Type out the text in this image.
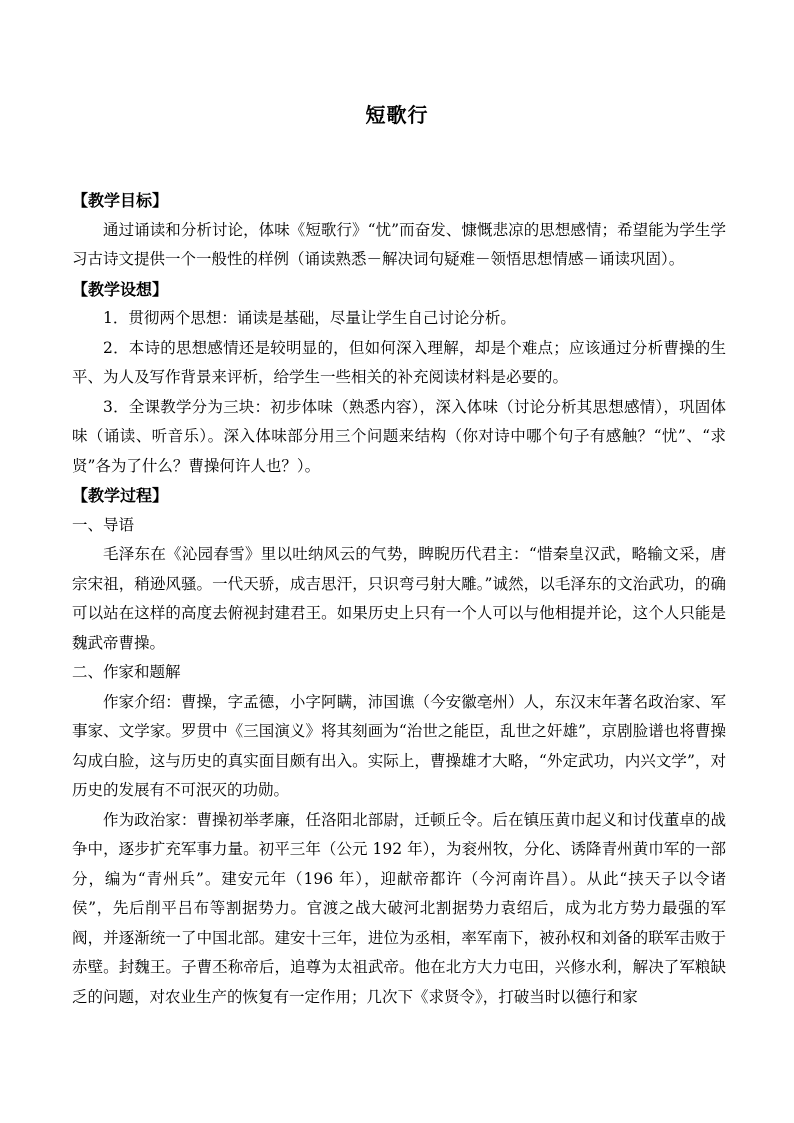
短歌行

【教学目标】

通过诵读和分析讨论，体味《短歌行》“忧”而奋发、慷慨悲凉的思想感情；希望能为学生学习古诗文提供一个一般性的样例（诵读熟悉－解决词句疑难－领悟思想情感－诵读巩固）。

【教学设想】

1．贯彻两个思想：诵读是基础，尽量让学生自己讨论分析。

2．本诗的思想感情还是较明显的，但如何深入理解，却是个难点；应该通过分析曹操的生平、为人及写作背景来评析，给学生一些相关的补充阅读材料是必要的。

3．全课教学分为三块：初步体味（熟悉内容），深入体味（讨论分析其思想感情），巩固体味（诵读、听音乐）。深入体味部分用三个问题来结构（你对诗中哪个句子有感触？“忧”、“求贤”各为了什么？曹操何许人也？）。

【教学过程】

一、导语

毛泽东在《沁园春雪》里以吐纳风云的气势，睥睨历代君主：“惜秦皇汉武，略输文采，唐宗宋祖，稍逊风骚。一代天骄，成吉思汗，只识弯弓射大雕。”诚然，以毛泽东的文治武功，的确可以站在这样的高度去俯视封建君王。如果历史上只有一个人可以与他相提并论，这个人只能是魏武帝曹操。

二、作家和题解

作家介绍：曹操，字孟德，小字阿瞒，沛国谯（今安徽亳州）人，东汉末年著名政治家、军事家、文学家。罗贯中《三国演义》将其刻画为“治世之能臣，乱世之奸雄”，京剧脸谱也将曹操勾成白脸，这与历史的真实面目颇有出入。实际上，曹操雄才大略，“外定武功，内兴文学”，对历史的发展有不可泯灭的功勋。

作为政治家：曹操初举孝廉，任洛阳北部尉，迁顿丘令。后在镇压黄巾起义和讨伐董卓的战争中，逐步扩充军事力量。初平三年（公元 192 年），为衮州牧，分化、诱降青州黄巾军的一部分，编为“青州兵”。建安元年（196 年），迎献帝都许（今河南许昌）。从此“挟天子以令诸侯”，先后削平吕布等割据势力。官渡之战大破河北割据势力袁绍后，成为北方势力最强的军阀，并逐渐统一了中国北部。建安十三年，进位为丞相，率军南下，被孙权和刘备的联军击败于赤壁。封魏王。子曹丕称帝后，追尊为太祖武帝。他在北方大力屯田，兴修水利，解决了军粮缺乏的问题，对农业生产的恢复有一定作用；几次下《求贤令》，打破当时以德行和家
